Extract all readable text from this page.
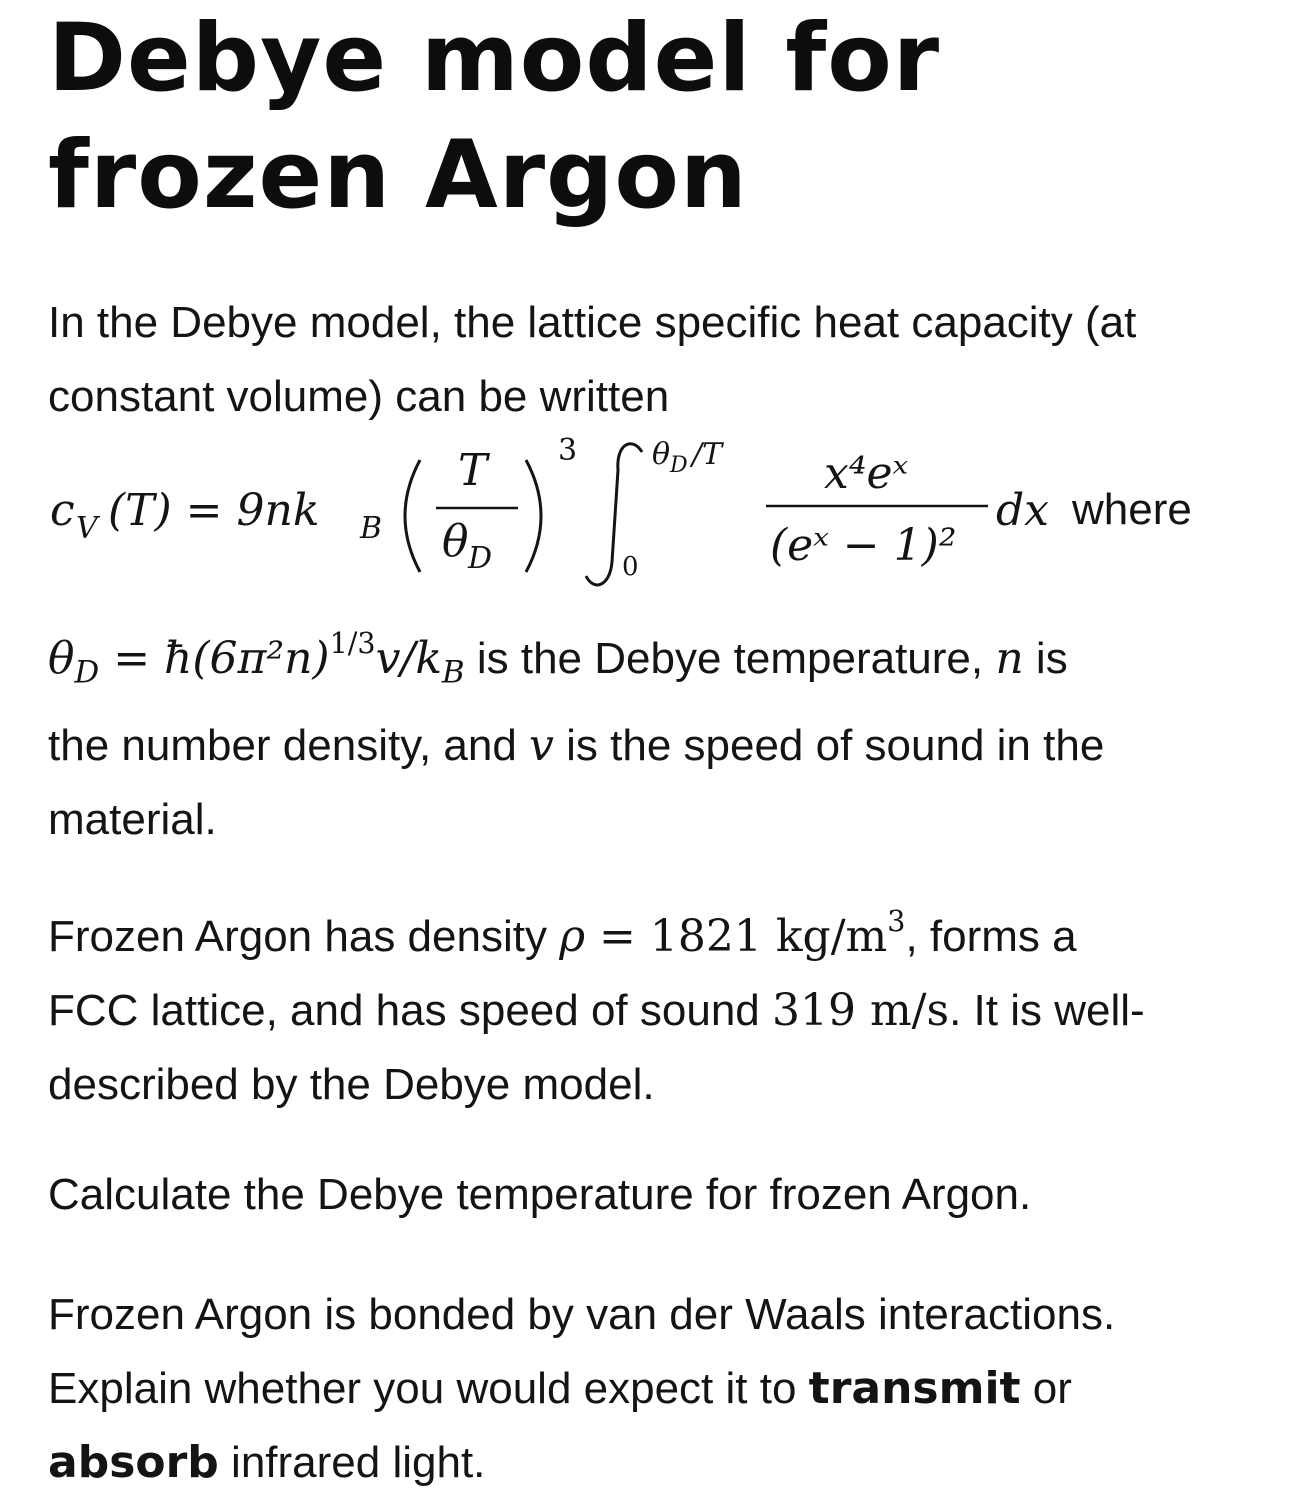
Debye model for frozen Argon

In the Debye model, the lattice specific heat capacity (at
constant volume) can be written

c V (T) = 9nk B
T
θ D
3 θ D /T
0
x⁴eˣ
(eˣ − 1)²
dx where

$\theta_D$ = $ħ(6\pi^2n)^{1/3}v/k_B$ is the Debye temperature, n is
the number density, and v is the speed of sound in the
material.

Frozen Argon has density ρ = 1821 $kg/m^3$, forms a
FCC lattice, and has speed of sound 319 m/s. It is well-
described by the Debye model.

Calculate the Debye temperature for frozen Argon.

Frozen Argon is bonded by van der Waals interactions.
Explain whether you would expect it to transmit or
absorb infrared light.
